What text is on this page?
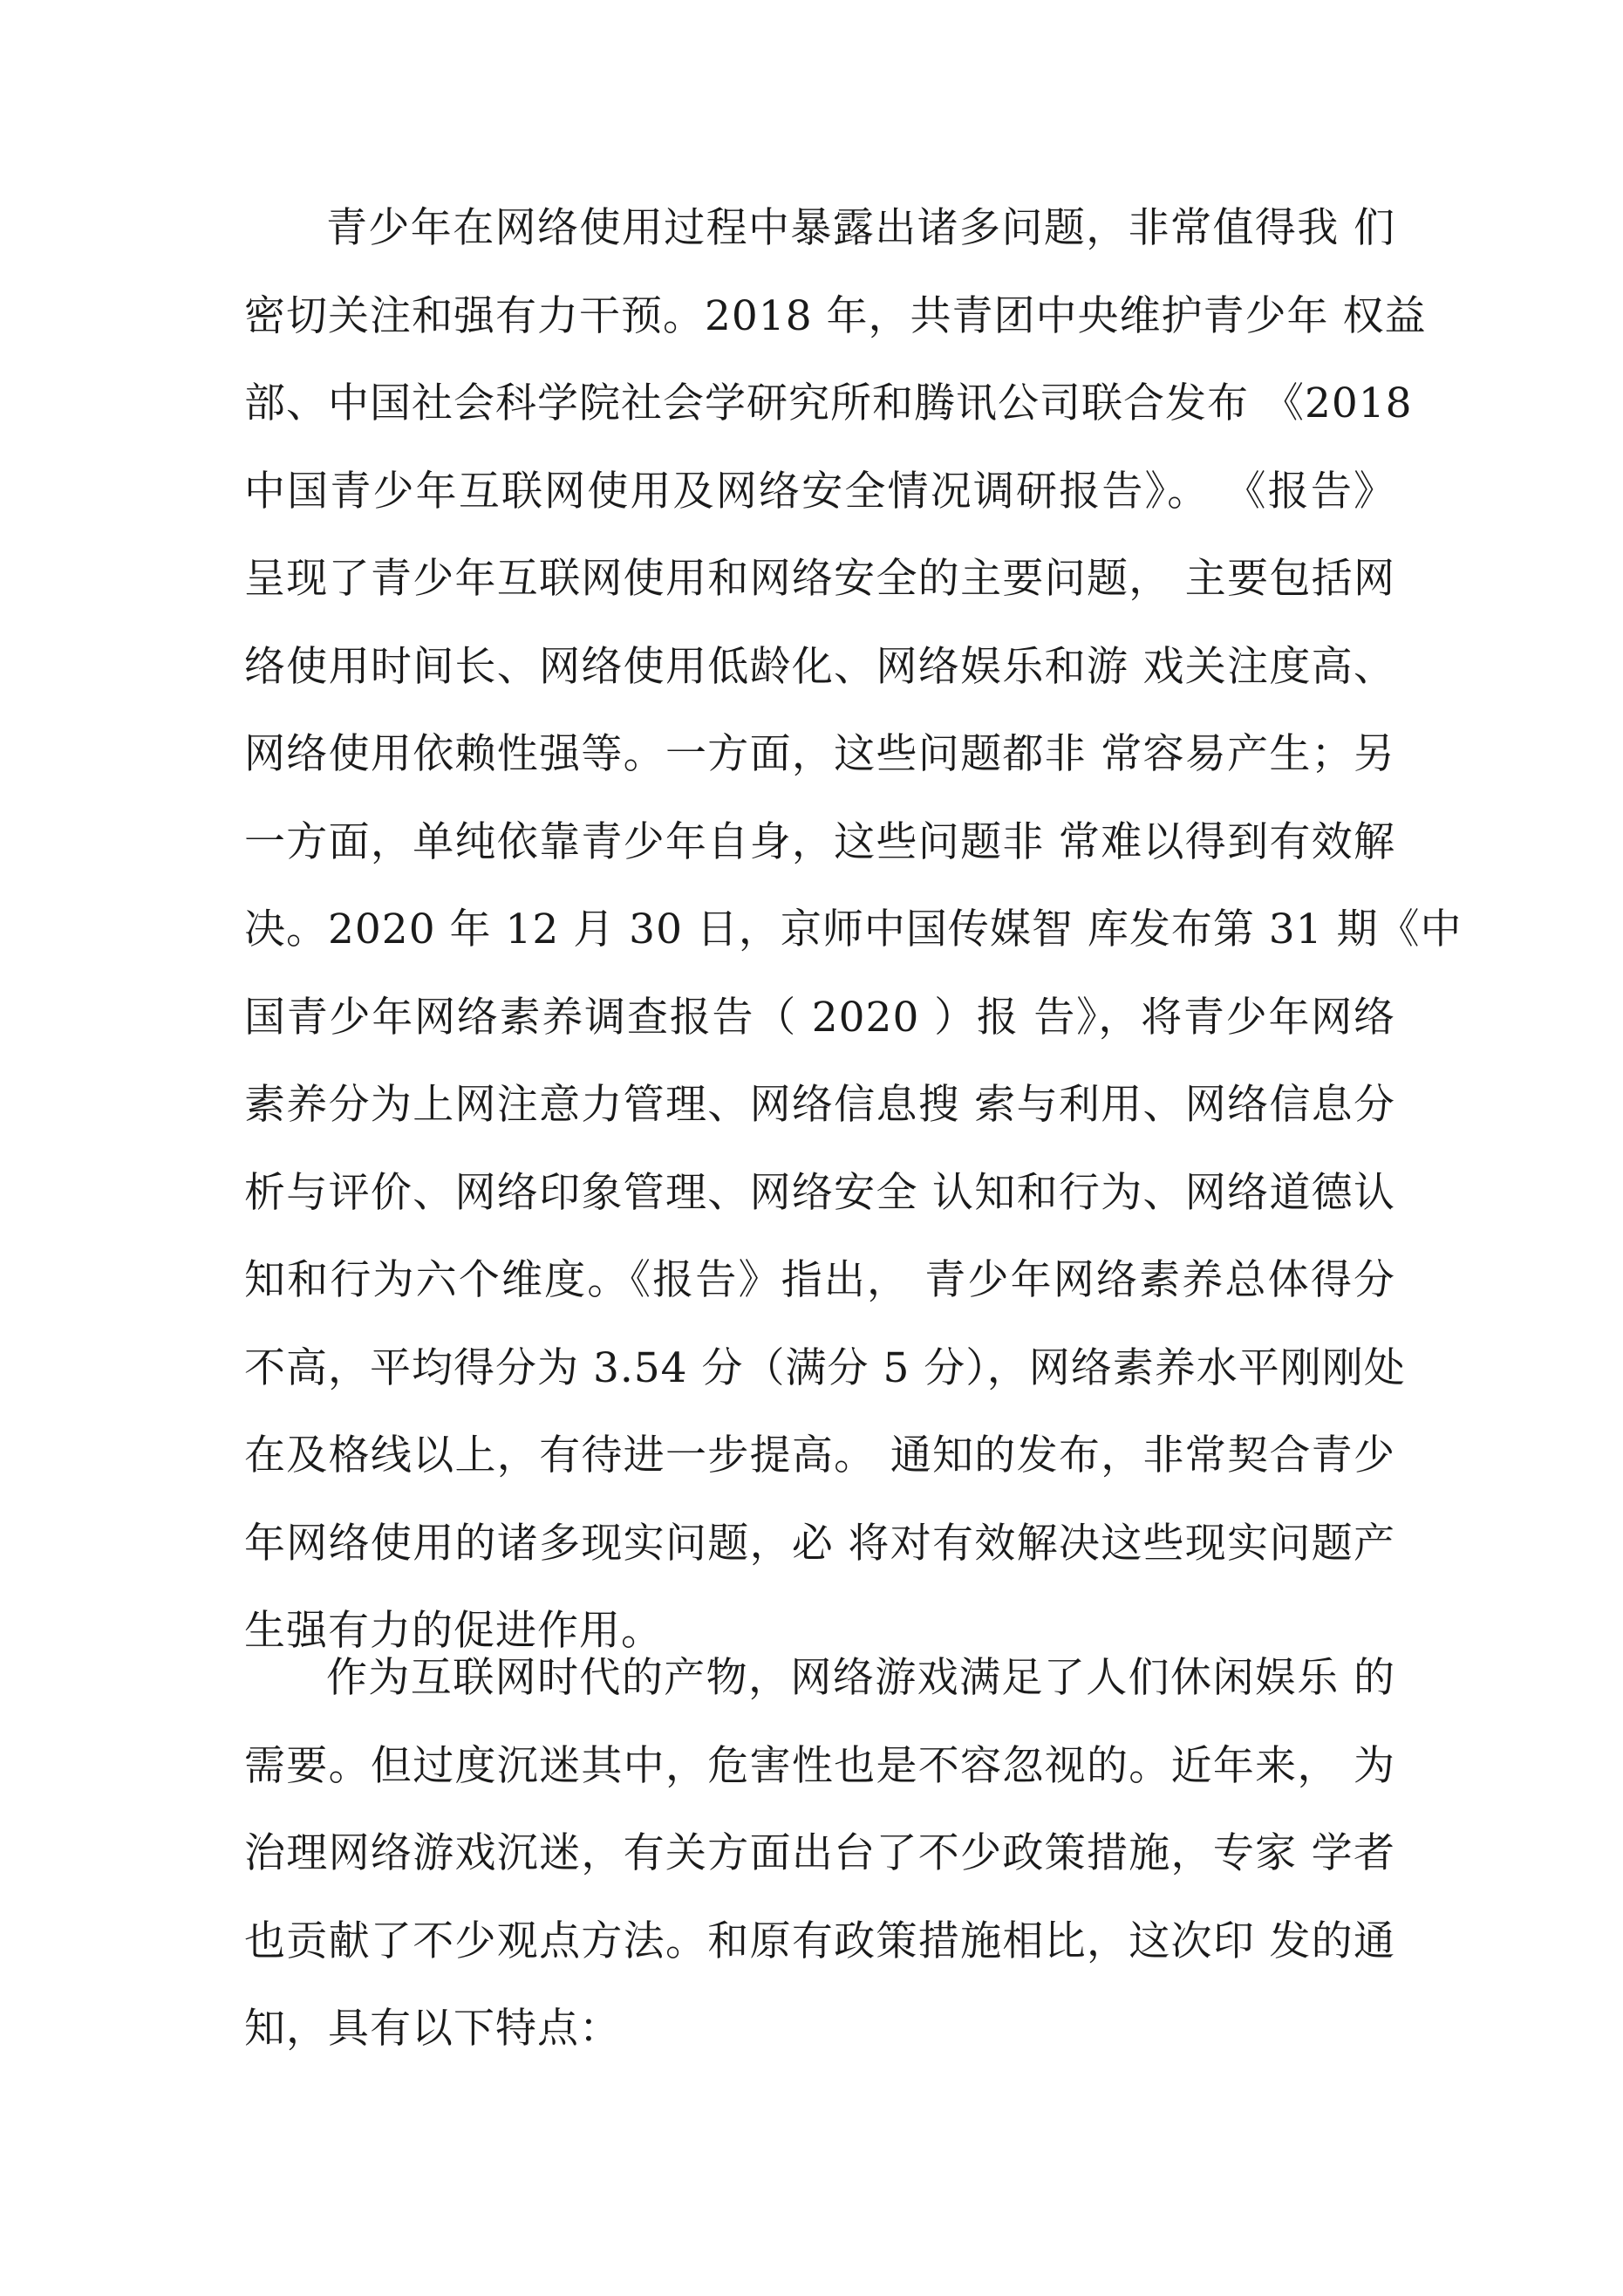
青少年在网络使用过程中暴露出诸多问题，非常值得我 们
密切关注和强有力干预。2018 年，共青团中央维护青少年 权益
部、中国社会科学院社会学研究所和腾讯公司联合发布 《2018
中国青少年互联网使用及网络安全情况调研报告》。 《报告》
呈现了青少年互联网使用和网络安全的主要问题， 主要包括网
络使用时间长、网络使用低龄化、网络娱乐和游 戏关注度高、
网络使用依赖性强等。一方面，这些问题都非 常容易产生；另
一方面，单纯依靠青少年自身，这些问题非 常难以得到有效解
决。2020 年 12 月 30 日，京师中国传媒智 库发布第 31 期《中
国青少年网络素养调查报告（ 2020 ）报 告》，将青少年网络
素养分为上网注意力管理、网络信息搜 索与利用、网络信息分
析与评价、网络印象管理、网络安全 认知和行为、网络道德认
知和行为六个维度。《报告》指出， 青少年网络素养总体得分
不高，平均得分为 3.54 分（满分 5 分），网络素养水平刚刚处
在及格线以上，有待进一步提高。 通知的发布，非常契合青少
年网络使用的诸多现实问题，必 将对有效解决这些现实问题产
生强有力的促进作用。
作为互联网时代的产物，网络游戏满足了人们休闲娱乐 的
需要。但过度沉迷其中，危害性也是不容忽视的。近年来， 为
治理网络游戏沉迷，有关方面出台了不少政策措施，专家 学者
也贡献了不少观点方法。和原有政策措施相比，这次印 发的通
知，具有以下特点：
